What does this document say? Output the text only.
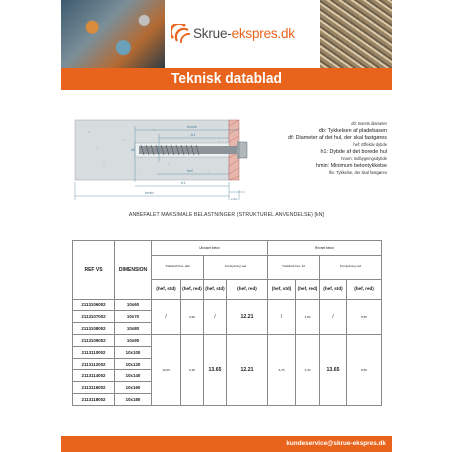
Skrue-ekspres.dk
Teknisk datablad
hnom
h1
hef
h1
hmin
≥ tfix
d0
d0: Borets diameter
db: Tykkelsen af pladebasen
df: Diameter af det hul, der skal fastgøres
hef: Effektiv dybde
h1: Dybde af det borede hul
hnom: Indbygningsdybde
hmin: Minimum betontykkelse
tfix: Tykkelse, der skal fastgøres
ANBEFALET MAKSIMALE BELASTNINGER (STRUKTUREL ANVENDELSE) [kN]
REF VS	DIMENSION	Uknoket beton				Revnet beton			
		Trækkraft fres. ø02		Forskydning ved		Trækkraft fres. 3d		Forskydning ved	
		(hef, std)	(hef, red)	(hef, std)	(hef, red)	(hef, std)	(hef, red)	(hef, std)	(hef, red)
2113106002	10x60	/	6,50	/	12.21	/	4,80	/	8,55
2113107002	10x70								
2113108002	10x80								
2113109002	10x90	10,65	6,35	13.65	12.21	6,70	4,30	13.65	8,55
2113110002	10x100								
2113112002	10x120								
2113114002	10x140								
2113116002	10x160								
2113118002	10x180								
kundeservice@skrue-ekspres.dk
